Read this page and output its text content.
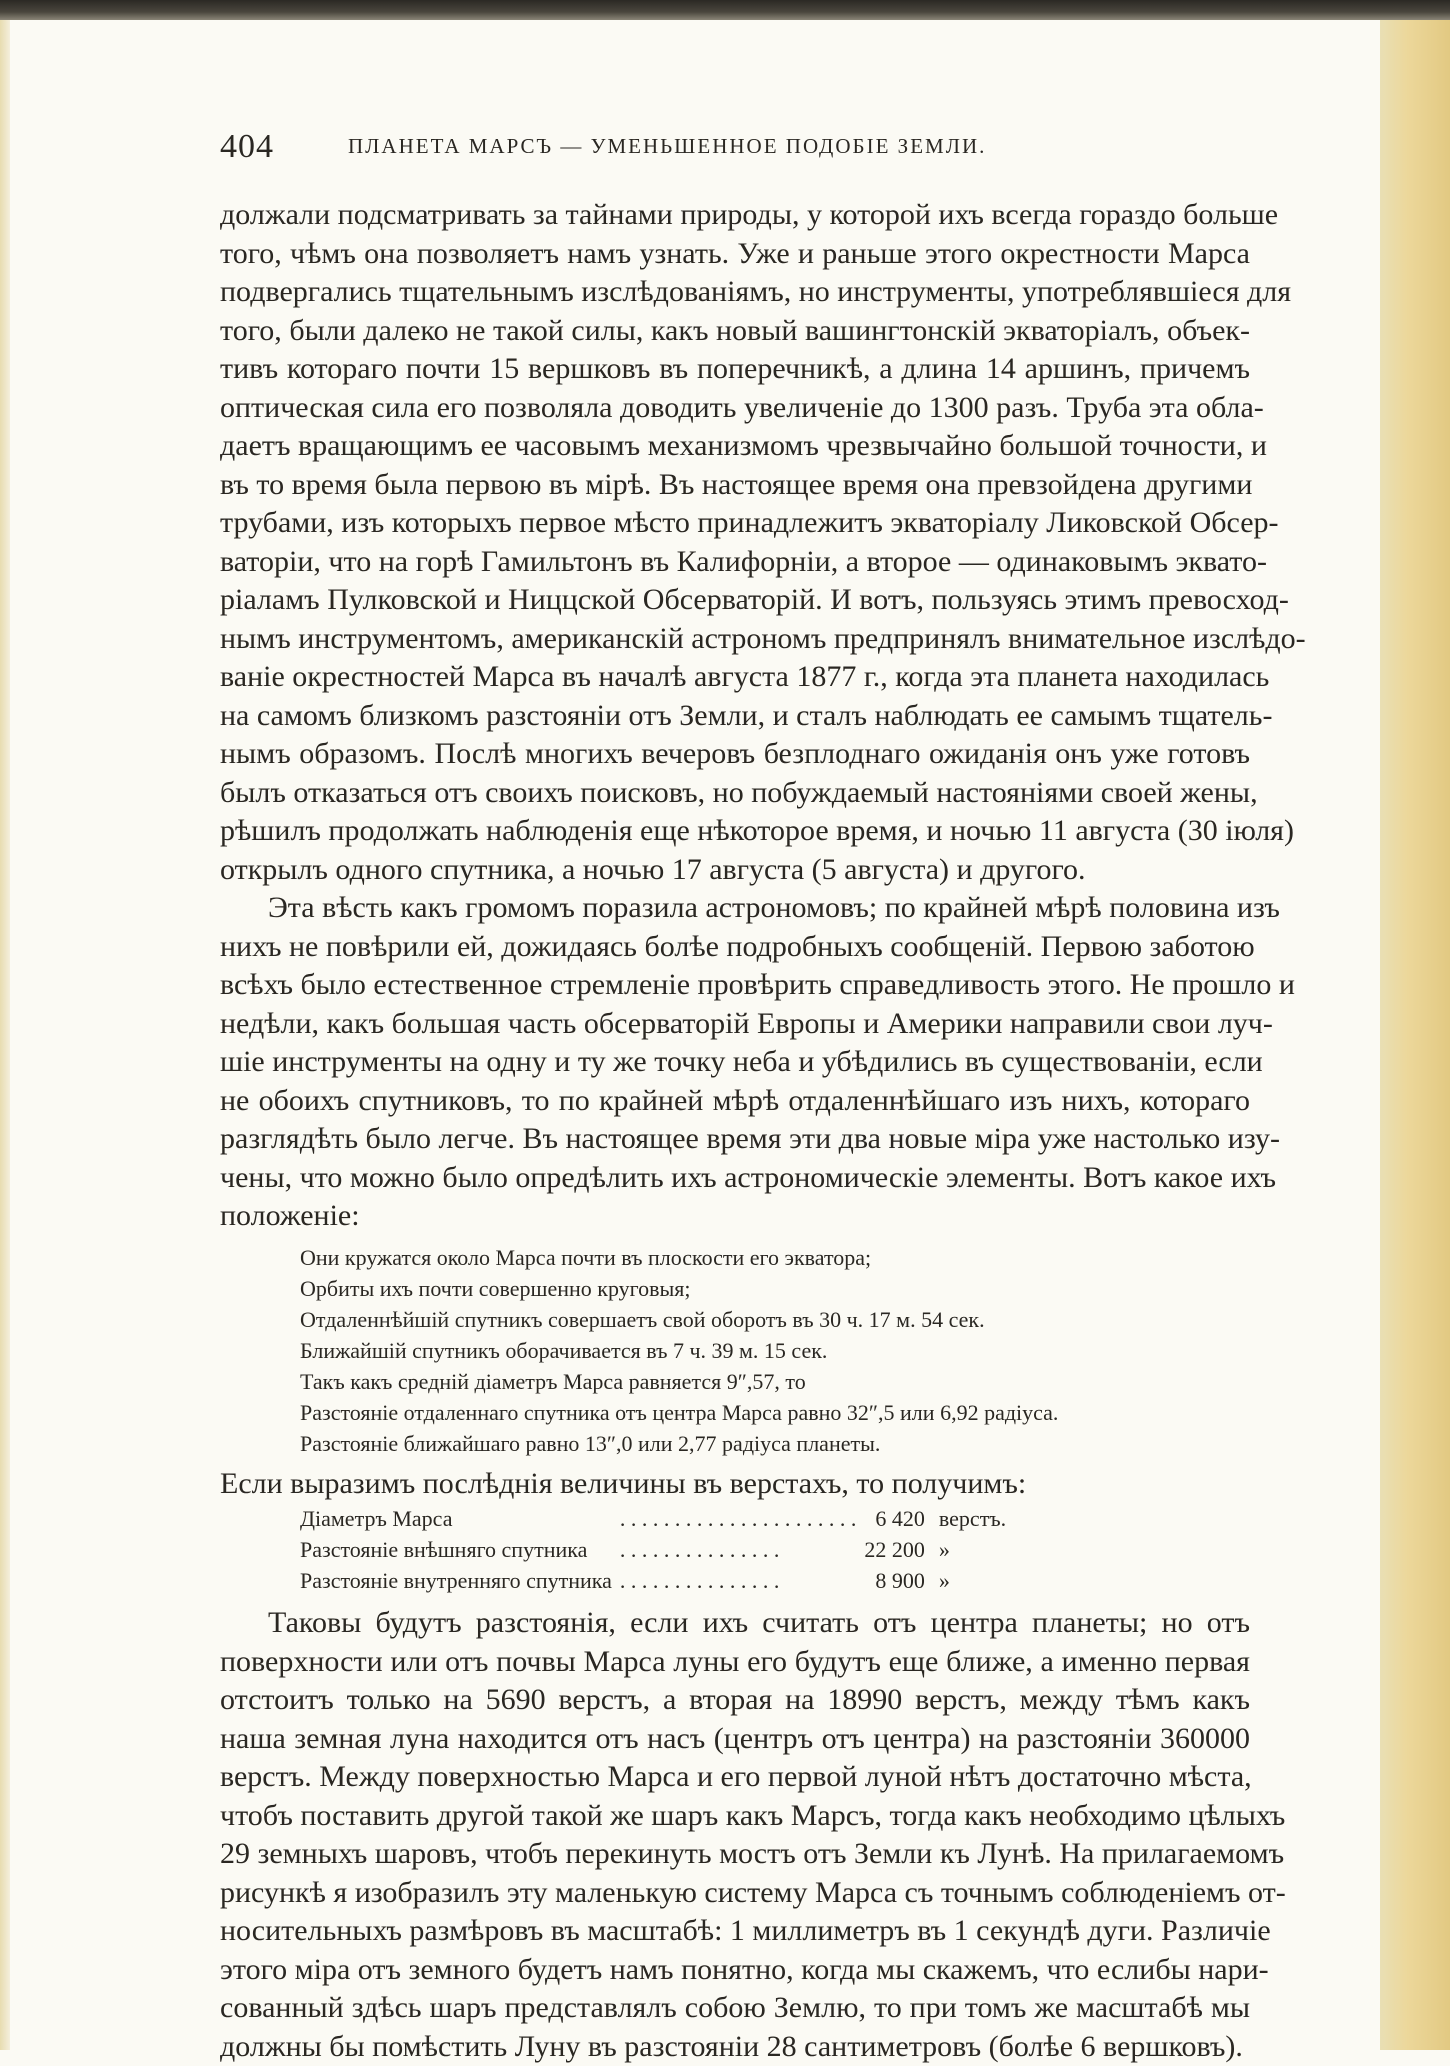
404	ПЛАНЕТА МАРСЪ — УМЕНЬШЕННОЕ ПОДОБІЕ ЗЕМЛИ.

должали подсматривать за тайнами природы, у которой ихъ всегда гораздо больше
того, чѣмъ она позволяетъ намъ узнать. Уже и раньше этого окрестности Марса
подвергались тщательнымъ изслѣдованіямъ, но инструменты, употреблявшіеся для
того, были далеко не такой силы, какъ новый вашингтонскій экваторіалъ, объек-
тивъ котораго почти 15 вершковъ въ поперечникѣ, а длина 14 аршинъ, причемъ
оптическая сила его позволяла доводить увеличеніе до 1300 разъ. Труба эта обла-
даетъ вращающимъ ее часовымъ механизмомъ чрезвычайно большой точности, и
въ то время была первою въ мірѣ. Въ настоящее время она превзойдена другими
трубами, изъ которыхъ первое мѣсто принадлежитъ экваторіалу Ликовской Обсер-
ваторіи, что на горѣ Гамильтонъ въ Калифорніи, а второе — одинаковымъ эквато-
ріаламъ Пулковской и Ниццской Обсерваторій. И вотъ, пользуясь этимъ превосход-
нымъ инструментомъ, американскій астрономъ предпринялъ внимательное изслѣдо-
ваніе окрестностей Марса въ началѣ августа 1877 г., когда эта планета находилась
на самомъ близкомъ разстояніи отъ Земли, и сталъ наблюдать ее самымъ тщатель-
нымъ образомъ. Послѣ многихъ вечеровъ безплоднаго ожиданія онъ уже готовъ
былъ отказаться отъ своихъ поисковъ, но побуждаемый настояніями своей жены,
рѣшилъ продолжать наблюденія еще нѣкоторое время, и ночью 11 августа (30 іюля)
открылъ одного спутника, а ночью 17 августа (5 августа) и другого.

Эта вѣсть какъ громомъ поразила астрономовъ; по крайней мѣрѣ половина изъ
нихъ не повѣрили ей, дожидаясь болѣе подробныхъ сообщеній. Первою заботою
всѣхъ было естественное стремленіе провѣрить справедливость этого. Не прошло и
недѣли, какъ большая часть обсерваторій Европы и Америки направили свои луч-
шіе инструменты на одну и ту же точку неба и убѣдились въ существованіи, если
не обоихъ спутниковъ, то по крайней мѣрѣ отдаленнѣйшаго изъ нихъ, котораго
разглядѣть было легче. Въ настоящее время эти два новые міра уже настолько изу-
чены, что можно было опредѣлить ихъ астрономическіе элементы. Вотъ какое ихъ
положеніе:

Они кружатся около Марса почти въ плоскости его экватора;
Орбиты ихъ почти совершенно круговыя;
Отдаленнѣйшій спутникъ совершаетъ свой оборотъ въ 30 ч. 17 м. 54 сек.
Ближайшій спутникъ оборачивается въ 7 ч. 39 м. 15 сек.
Такъ какъ средній діаметръ Марса равняется 9″,57, то
Разстояніе отдаленнаго спутника отъ центра Марса равно 32″,5 или 6,92 радіуса.
Разстояніе ближайшаго равно 13″,0 или 2,77 радіуса планеты.

Если выразимъ послѣднія величины въ верстахъ, то получимъ:

Діаметръ Марса	. . . . . . . . . . . . . . . . . . . . . .	6 420	верстъ.
Разстояніе внѣшняго спутника	. . . . . . . . . . . . . . .	22 200	»
Разстояніе внутренняго спутника	. . . . . . . . . . . . . . .	8 900	»

Таковы будутъ разстоянія, если ихъ считать отъ центра планеты; но отъ
поверхности или отъ почвы Марса луны его будутъ еще ближе, а именно первая
отстоитъ только на 5690 верстъ, а вторая на 18990 верстъ, между тѣмъ какъ
наша земная луна находится отъ насъ (центръ отъ центра) на разстояніи 360000
верстъ. Между поверхностью Марса и его первой луной нѣтъ достаточно мѣста,
чтобъ поставить другой такой же шаръ какъ Марсъ, тогда какъ необходимо цѣлыхъ
29 земныхъ шаровъ, чтобъ перекинуть мостъ отъ Земли къ Лунѣ. На прилагаемомъ
рисункѣ я изобразилъ эту маленькую систему Марса съ точнымъ соблюденіемъ от-
носительныхъ размѣровъ въ масштабѣ: 1 миллиметръ въ 1 секундѣ дуги. Различіе
этого міра отъ земного будетъ намъ понятно, когда мы скажемъ, что еслибы нари-
сованный здѣсь шаръ представлялъ собою Землю, то при томъ же масштабѣ мы
должны бы помѣстить Луну въ разстояніи 28 сантиметровъ (болѣе 6 вершковъ).
